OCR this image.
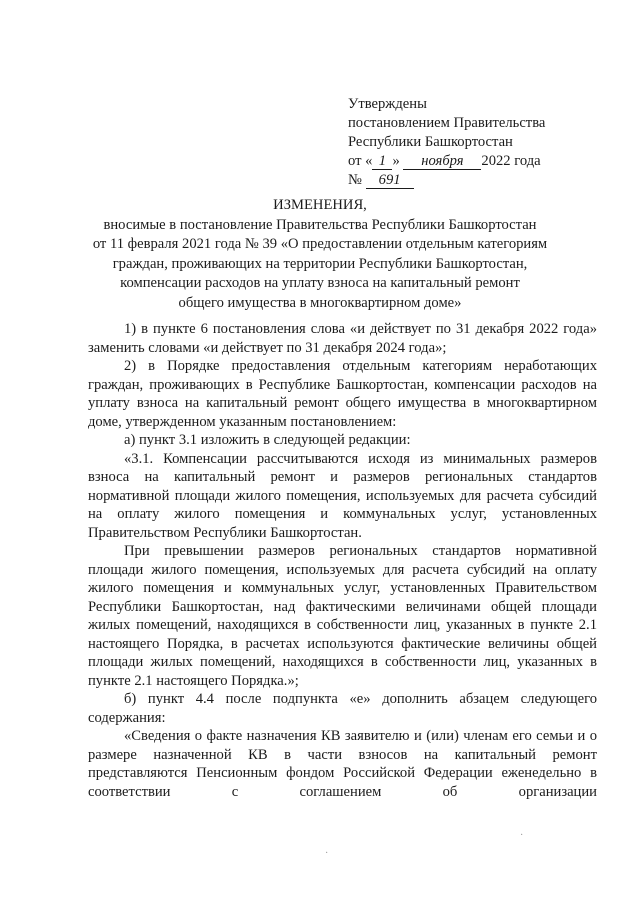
Утверждены
постановлением Правительства
Республики Башкортостан
от « 1 » ноября 2022 года
№ 691
ИЗМЕНЕНИЯ,
вносимые в постановление Правительства Республики Башкортостан
от 11 февраля 2021 года № 39 «О предоставлении отдельным категориям
граждан, проживающих на территории Республики Башкортостан,
компенсации расходов на уплату взноса на капитальный ремонт
общего имущества в многоквартирном доме»

1) в пункте 6 постановления слова «и действует по 31 декабря 2022 года» заменить словами «и действует по 31 декабря 2024 года»;

2) в Порядке предоставления отдельным категориям неработающих граждан, проживающих в Республике Башкортостан, компенсации расходов на уплату взноса на капитальный ремонт общего имущества в многоквартирном доме, утвержденном указанным постановлением:

а) пункт 3.1 изложить в следующей редакции:

«3.1. Компенсации рассчитываются исходя из минимальных размеров взноса на капитальный ремонт и размеров региональных стандартов нормативной площади жилого помещения, используемых для расчета субсидий на оплату жилого помещения и коммунальных услуг, установленных Правительством Республики Башкортостан.

При превышении размеров региональных стандартов нормативной площади жилого помещения, используемых для расчета субсидий на оплату жилого помещения и коммунальных услуг, установленных Правительством Республики Башкортостан, над фактическими величинами общей площади жилых помещений, находящихся в собственности лиц, указанных в пункте 2.1 настоящего Порядка, в расчетах используются фактические величины общей площади жилых помещений, находящихся в собственности лиц, указанных в пункте 2.1 настоящего Порядка.»;

б) пункт 4.4 после подпункта «е» дополнить абзацем следующего содержания:

«Сведения о факте назначения КВ заявителю и (или) членам его семьи и о размере назначенной КВ в части взносов на капитальный ремонт представляются Пенсионным фондом Российской Федерации еженедельно в соответствии с соглашением об организации

·
·
